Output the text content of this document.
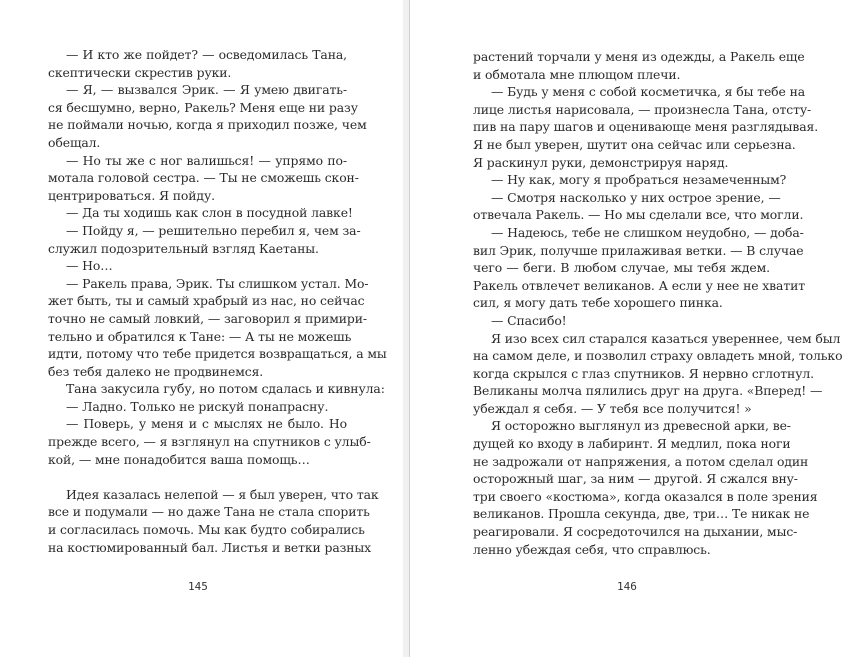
— И кто же пойдет? — осведомилась Тана,
скептически скрестив руки.
— Я, — вызвался Эрик. — Я умею двигать-
ся бесшумно, верно, Ракель? Меня еще ни разу
не поймали ночью, когда я приходил позже, чем
обещал.
— Но ты же с ног валишься! — упрямо по-
мотала головой сестра. — Ты не сможешь скон-
центрироваться. Я пойду.
— Да ты ходишь как слон в посудной лавке!
— Пойду я, — решительно перебил я, чем за-
служил подозрительный взгляд Каетаны.
— Но…
— Ракель права, Эрик. Ты слишком устал. Мо-
жет быть, ты и самый храбрый из нас, но сейчас
точно не самый ловкий, — заговорил я примири-
тельно и обратился к Тане: — А ты не можешь
идти, потому что тебе придется возвращаться, а мы
без тебя далеко не продвинемся.
Тана закусила губу, но потом сдалась и кивнула:
— Ладно. Только не рискуй понапрасну.
— Поверь, у меня и с мыслях не было. Но
прежде всего, — я взглянул на спутников с улыб-
кой, — мне понадобится ваша помощь…
Идея казалась нелепой — я был уверен, что так
все и подумали — но даже Тана не стала спорить
и согласилась помочь. Мы как будто собирались
на костюмированный бал. Листья и ветки разных
145
растений торчали у меня из одежды, а Ракель еще
и обмотала мне плющом плечи.
— Будь у меня с собой косметичка, я бы тебе на
лице листья нарисовала, — произнесла Тана, отсту-
пив на пару шагов и оценивающе меня разглядывая.
Я не был уверен, шутит она сейчас или серьезна.
Я раскинул руки, демонстрируя наряд.
— Ну как, могу я пробраться незамеченным?
— Смотря насколько у них острое зрение, —
отвечала Ракель. — Но мы сделали все, что могли.
— Надеюсь, тебе не слишком неудобно, — доба-
вил Эрик, получше прилаживая ветки. — В случае
чего — беги. В любом случае, мы тебя ждем.
Ракель отвлечет великанов. А если у нее не хватит
сил, я могу дать тебе хорошего пинка.
— Спасибо!
Я изо всех сил старался казаться увереннее, чем был
на самом деле, и позволил страху овладеть мной, только
когда скрылся с глаз спутников. Я нервно сглотнул.
Великаны молча пялились друг на друга. «Вперед! —
убеждал я себя. — У тебя все получится! »
Я осторожно выглянул из древесной арки, ве-
дущей ко входу в лабиринт. Я медлил, пока ноги
не задрожали от напряжения, а потом сделал один
осторожный шаг, за ним — другой. Я сжался вну-
три своего «костюма», когда оказался в поле зрения
великанов. Прошла секунда, две, три… Те никак не
реагировали. Я сосредоточился на дыхании, мыс-
ленно убеждая себя, что справлюсь.
146
